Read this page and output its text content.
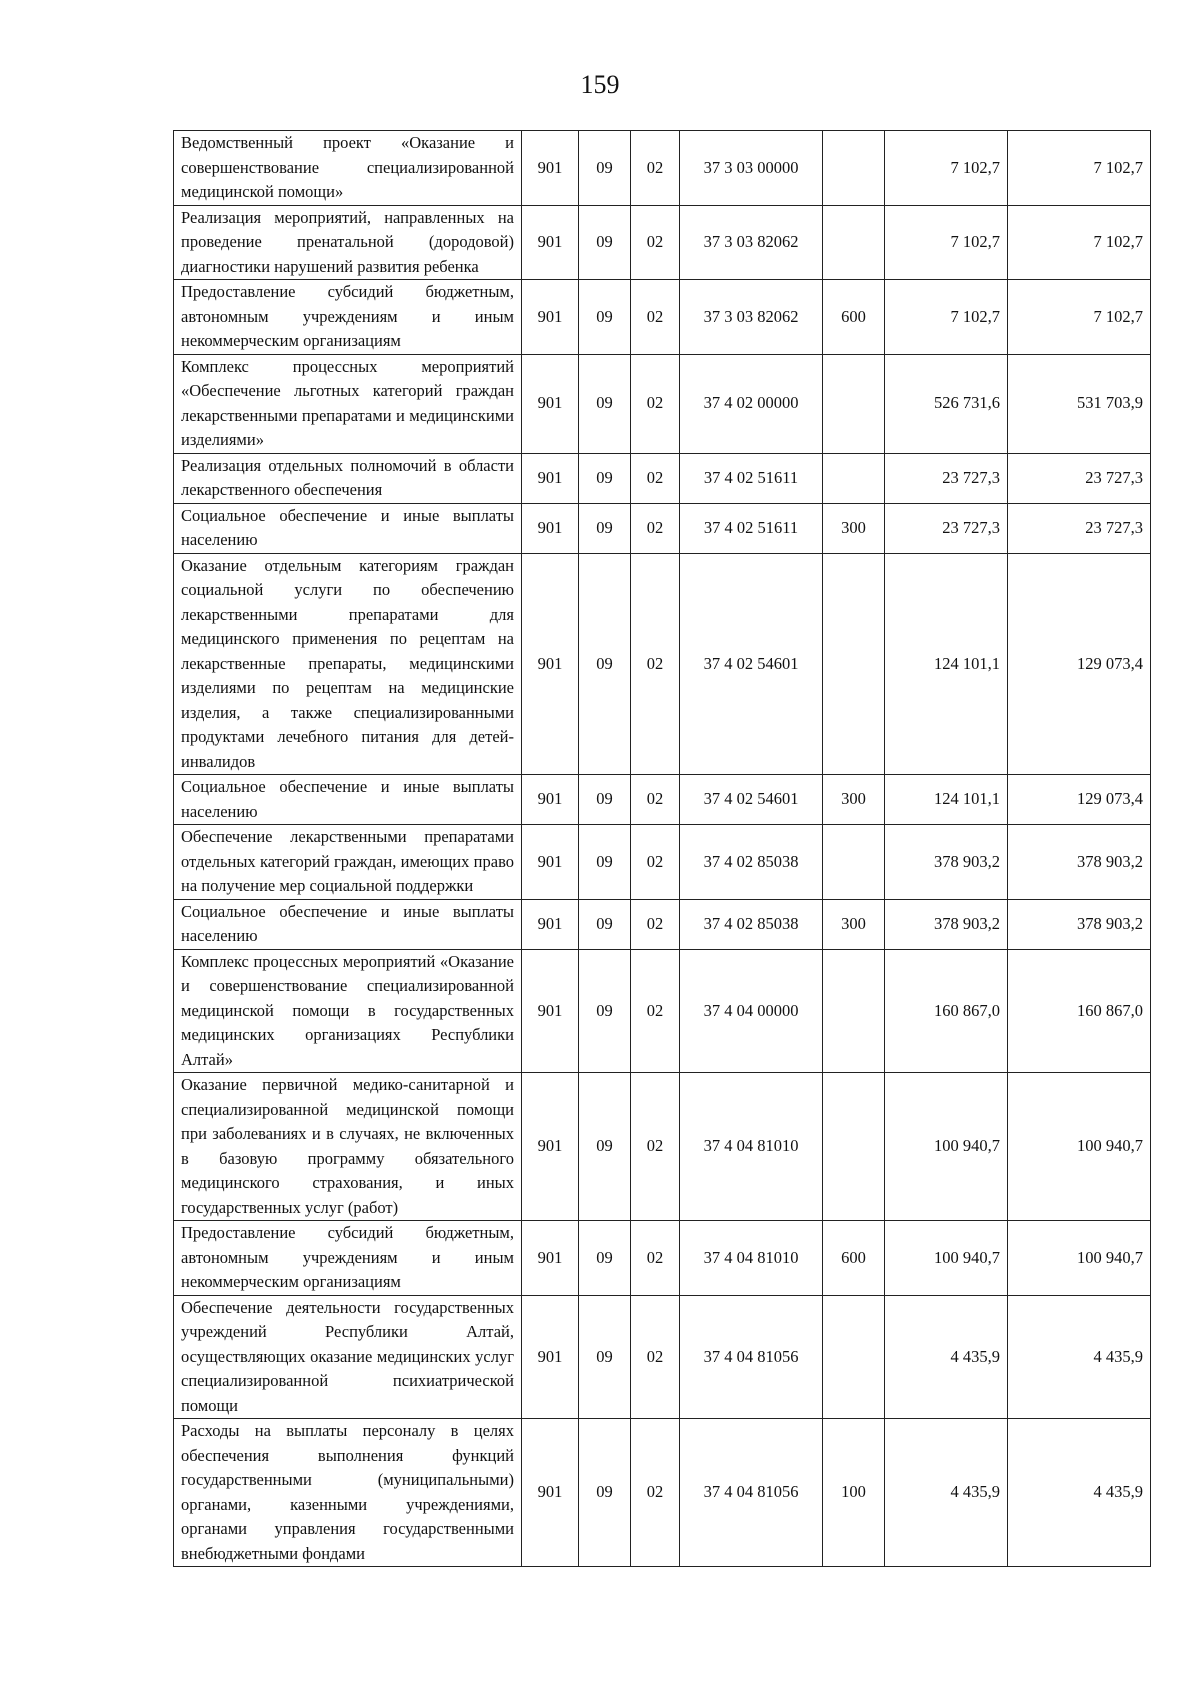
159
Ведомственный проект «Оказание и совершенствование специализированной медицинской помощи»	901	09	02	37 3 03 00000		7 102,7	7 102,7
Реализация мероприятий, направленных на проведение пренатальной (дородовой) диагностики нарушений развития ребенка	901	09	02	37 3 03 82062		7 102,7	7 102,7
Предоставление субсидий бюджетным, автономным учреждениям и иным некоммерческим организациям	901	09	02	37 3 03 82062	600	7 102,7	7 102,7
Комплекс процессных мероприятий «Обеспечение льготных категорий граждан лекарственными препаратами и медицинскими изделиями»	901	09	02	37 4 02 00000		526 731,6	531 703,9
Реализация отдельных полномочий в области лекарственного обеспечения	901	09	02	37 4 02 51611		23 727,3	23 727,3
Социальное обеспечение и иные выплаты населению	901	09	02	37 4 02 51611	300	23 727,3	23 727,3
Оказание отдельным категориям граждан социальной услуги по обеспечению лекарственными препаратами для медицинского применения по рецептам на лекарственные препараты, медицинскими изделиями по рецептам на медицинские изделия, а также специализированными продуктами лечебного питания для детей-инвалидов	901	09	02	37 4 02 54601		124 101,1	129 073,4
Социальное обеспечение и иные выплаты населению	901	09	02	37 4 02 54601	300	124 101,1	129 073,4
Обеспечение лекарственными препаратами отдельных категорий граждан, имеющих право на получение мер социальной поддержки	901	09	02	37 4 02 85038		378 903,2	378 903,2
Социальное обеспечение и иные выплаты населению	901	09	02	37 4 02 85038	300	378 903,2	378 903,2
Комплекс процессных мероприятий «Оказание и совершенствование специализированной медицинской помощи в государственных медицинских организациях Республики Алтай»	901	09	02	37 4 04 00000		160 867,0	160 867,0
Оказание первичной медико-санитарной и специализированной медицинской помощи при заболеваниях и в случаях, не включенных в базовую программу обязательного медицинского страхования, и иных государственных услуг (работ)	901	09	02	37 4 04 81010		100 940,7	100 940,7
Предоставление субсидий бюджетным, автономным учреждениям и иным некоммерческим организациям	901	09	02	37 4 04 81010	600	100 940,7	100 940,7
Обеспечение деятельности государственных учреждений Республики Алтай, осуществляющих оказание медицинских услуг специализированной психиатрической помощи	901	09	02	37 4 04 81056		4 435,9	4 435,9
Расходы на выплаты персоналу в целях обеспечения выполнения функций государственными (муниципальными) органами, казенными учреждениями, органами управления государственными внебюджетными фондами	901	09	02	37 4 04 81056	100	4 435,9	4 435,9
